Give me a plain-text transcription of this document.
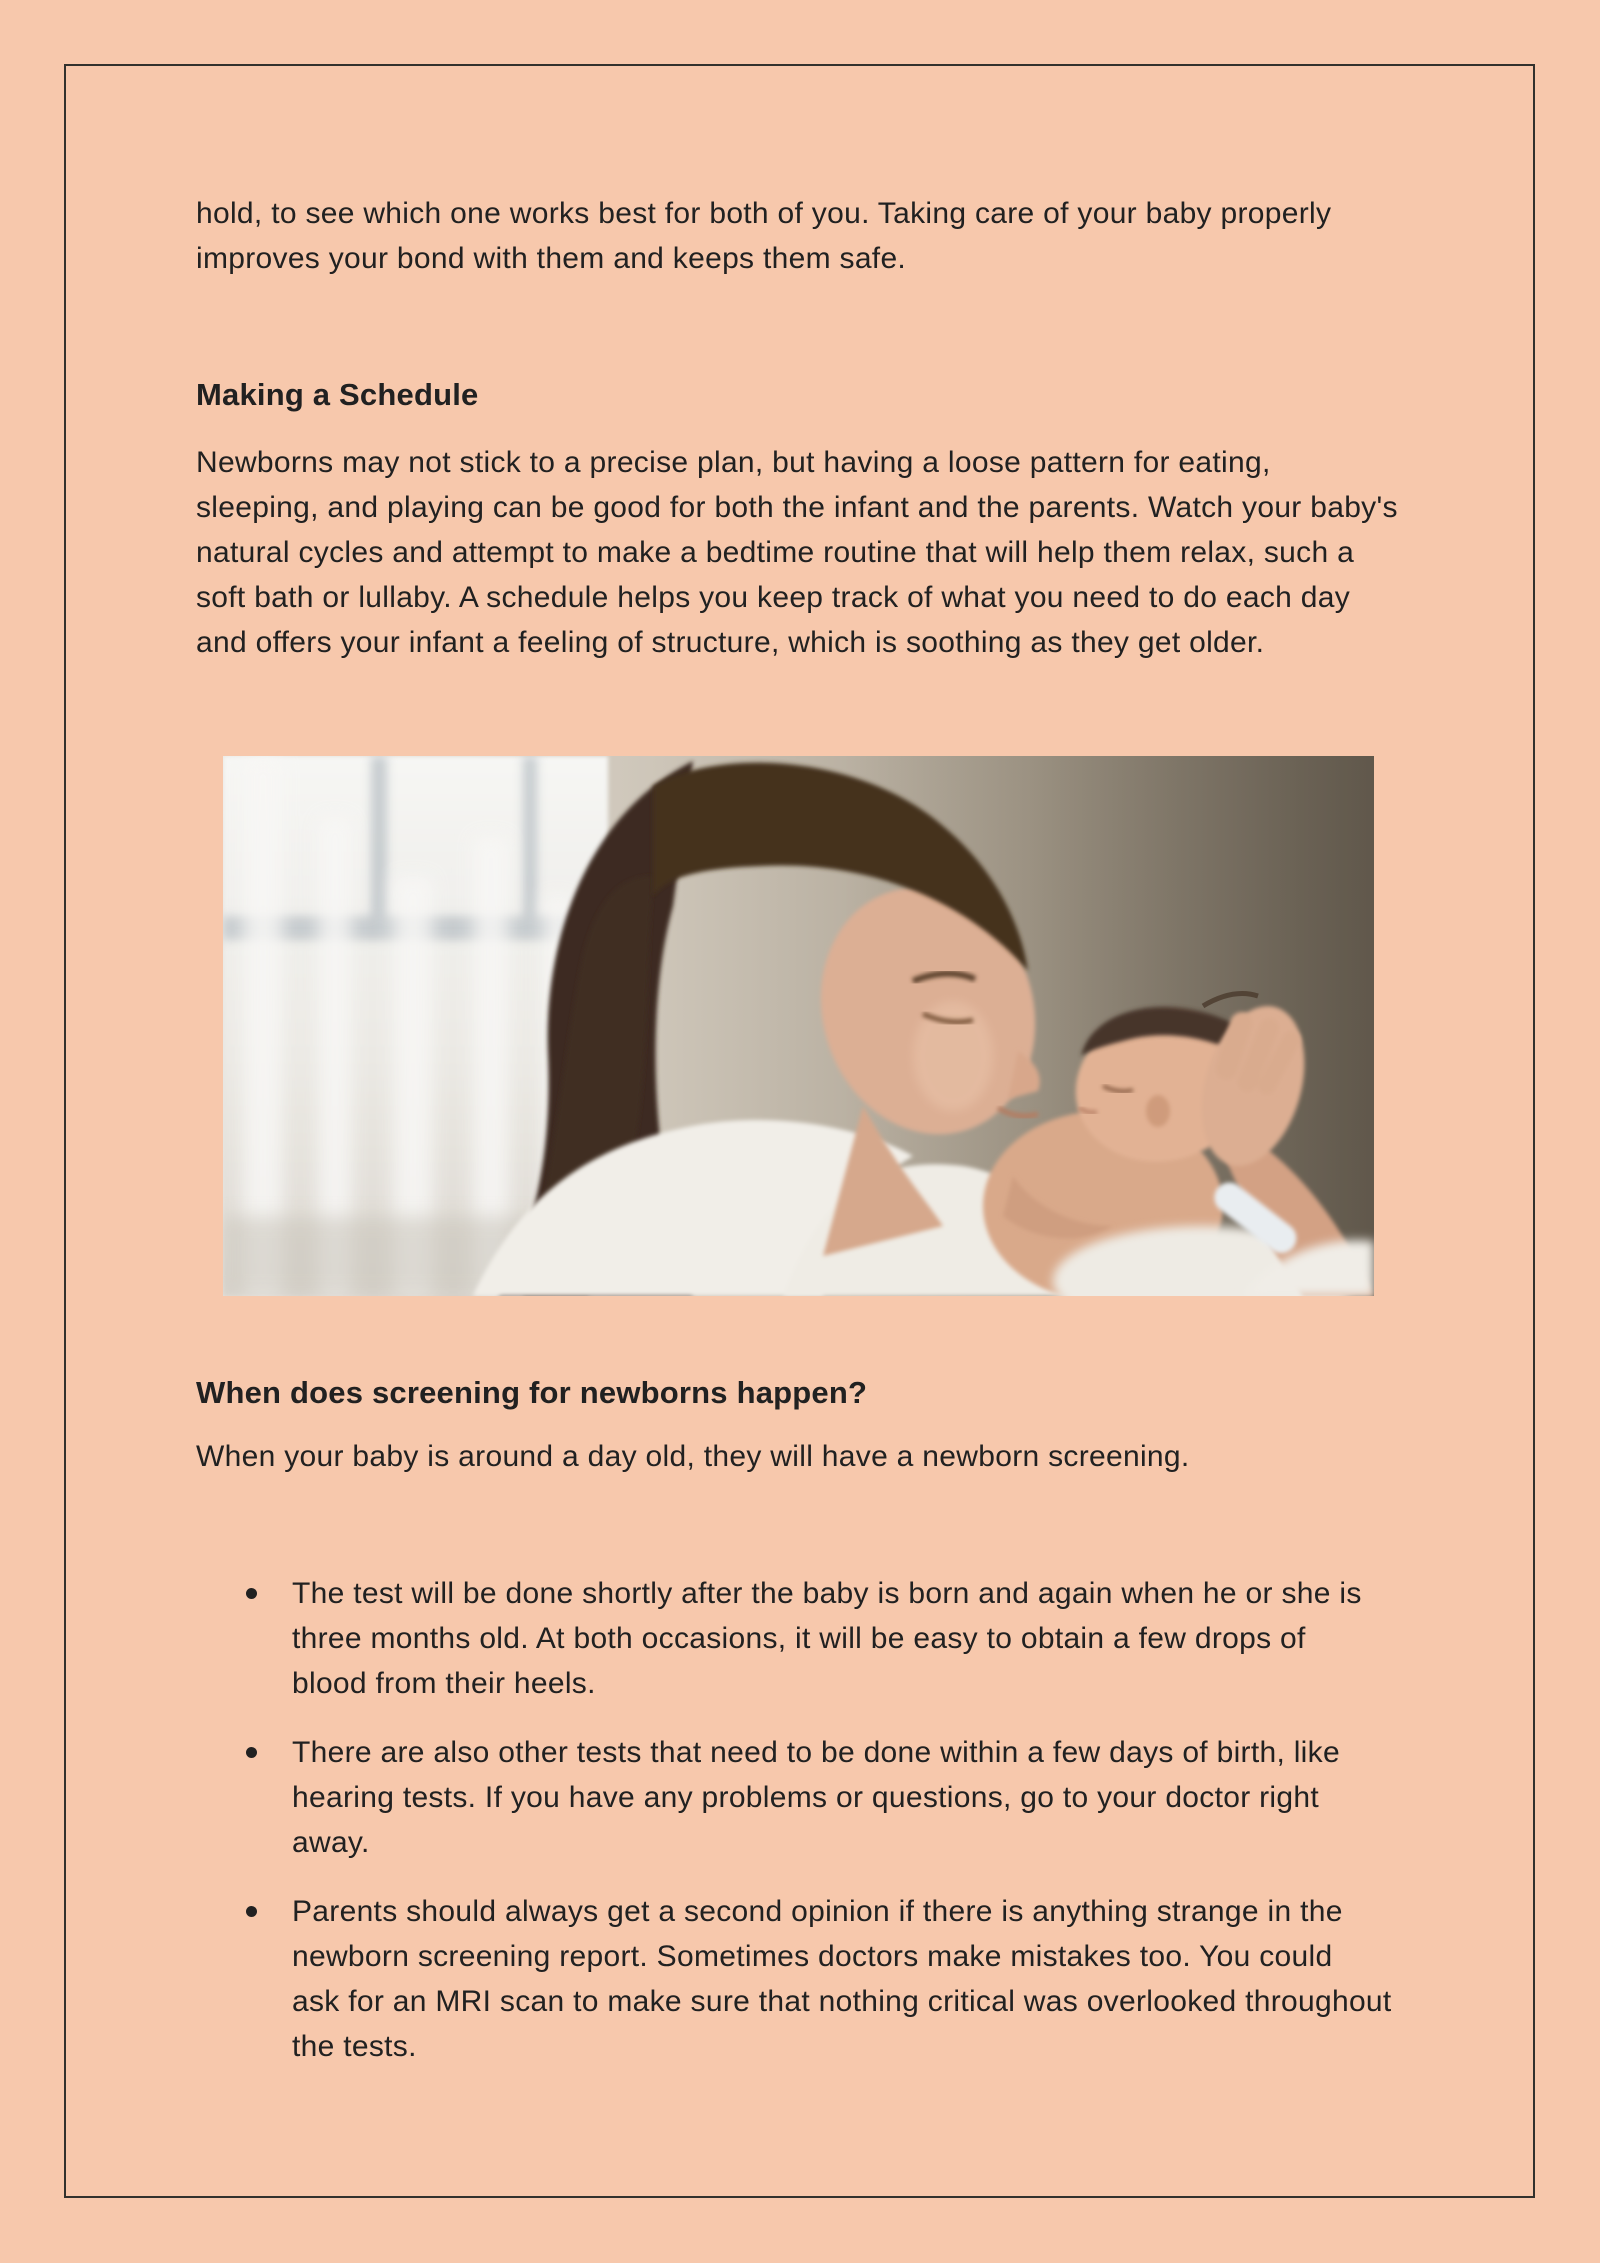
hold, to see which one works best for both of you. Taking care of your baby properly
improves your bond with them and keeps them safe.
Making a Schedule
Newborns may not stick to a precise plan, but having a loose pattern for eating,
sleeping, and playing can be good for both the infant and the parents. Watch your baby's
natural cycles and attempt to make a bedtime routine that will help them relax, such a
soft bath or lullaby. A schedule helps you keep track of what you need to do each day
and offers your infant a feeling of structure, which is soothing as they get older.
When does screening for newborns happen?
When your baby is around a day old, they will have a newborn screening.
The test will be done shortly after the baby is born and again when he or she is
three months old. At both occasions, it will be easy to obtain a few drops of
blood from their heels.
There are also other tests that need to be done within a few days of birth, like
hearing tests. If you have any problems or questions, go to your doctor right
away.
Parents should always get a second opinion if there is anything strange in the
newborn screening report. Sometimes doctors make mistakes too. You could
ask for an MRI scan to make sure that nothing critical was overlooked throughout
the tests.
